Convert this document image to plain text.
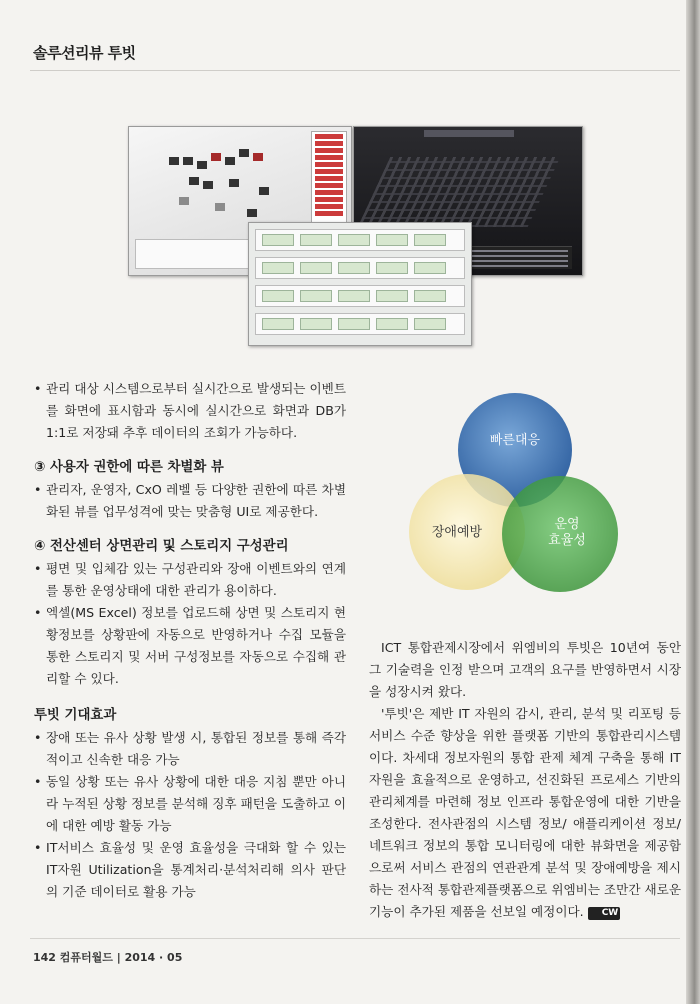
솔루션리뷰 투빗

• 관리 대상 시스템으로부터 실시간으로 발생되는 이벤트를 화면에 표시함과 동시에 실시간으로 화면과 DB가 1:1로 저장돼 추후 데이터의 조회가 가능하다.

③ 사용자 권한에 따른 차별화 뷰

• 관리자, 운영자, CxO 레벨 등 다양한 권한에 따른 차별화된 뷰를 업무성격에 맞는 맞춤형 UI로 제공한다.

④ 전산센터 상면관리 및 스토리지 구성관리

• 평면 및 입체감 있는 구성관리와 장애 이벤트와의 연계를 통한 운영상태에 대한 관리가 용이하다.

• 엑셀(MS Excel) 정보를 업로드해 상면 및 스토리지 현황정보를 상황판에 자동으로 반영하거나 수집 모듈을 통한 스토리지 및 서버 구성정보를 자동으로 수집해 관리할 수 있다.

투빗 기대효과

• 장애 또는 유사 상황 발생 시, 통합된 정보를 통해 즉각적이고 신속한 대응 가능

• 동일 상황 또는 유사 상황에 대한 대응 지침 뿐만 아니라 누적된 상황 정보를 분석해 징후 패턴을 도출하고 이에 대한 예방 활동 가능

• IT서비스 효율성 및 운영 효율성을 극대화 할 수 있는 IT자원 Utilization을 통계처리·분석처리해 의사 판단의 기준 데이터로 활용 가능

빠른대응
장애예방
운영
효율성

ICT 통합관제시장에서 위엠비의 투빗은 10년여 동안 그 기술력을 인정 받으며 고객의 요구를 반영하면서 시장을 성장시켜 왔다.

'투빗'은 제반 IT 자원의 감시, 관리, 분석 및 리포팅 등 서비스 수준 향상을 위한 플랫폼 기반의 통합관리시스템이다. 차세대 정보자원의 통합 관제 체계 구축을 통해 IT 자원을 효율적으로 운영하고, 선진화된 프로세스 기반의 관리체계를 마련해 정보 인프라 통합운영에 대한 기반을 조성한다. 전사관점의 시스템 정보/ 애플리케이션 정보/ 네트워크 정보의 통합 모니터링에 대한 뷰화면을 제공함으로써 서비스 관점의 연관관계 분석 및 장애예방을 제시하는 전사적 통합관제플랫폼으로 위엠비는 조만간 새로운 기능이 추가된 제품을 선보일 예정이다. CW

142 컴퓨터월드 | 2014 · 05
